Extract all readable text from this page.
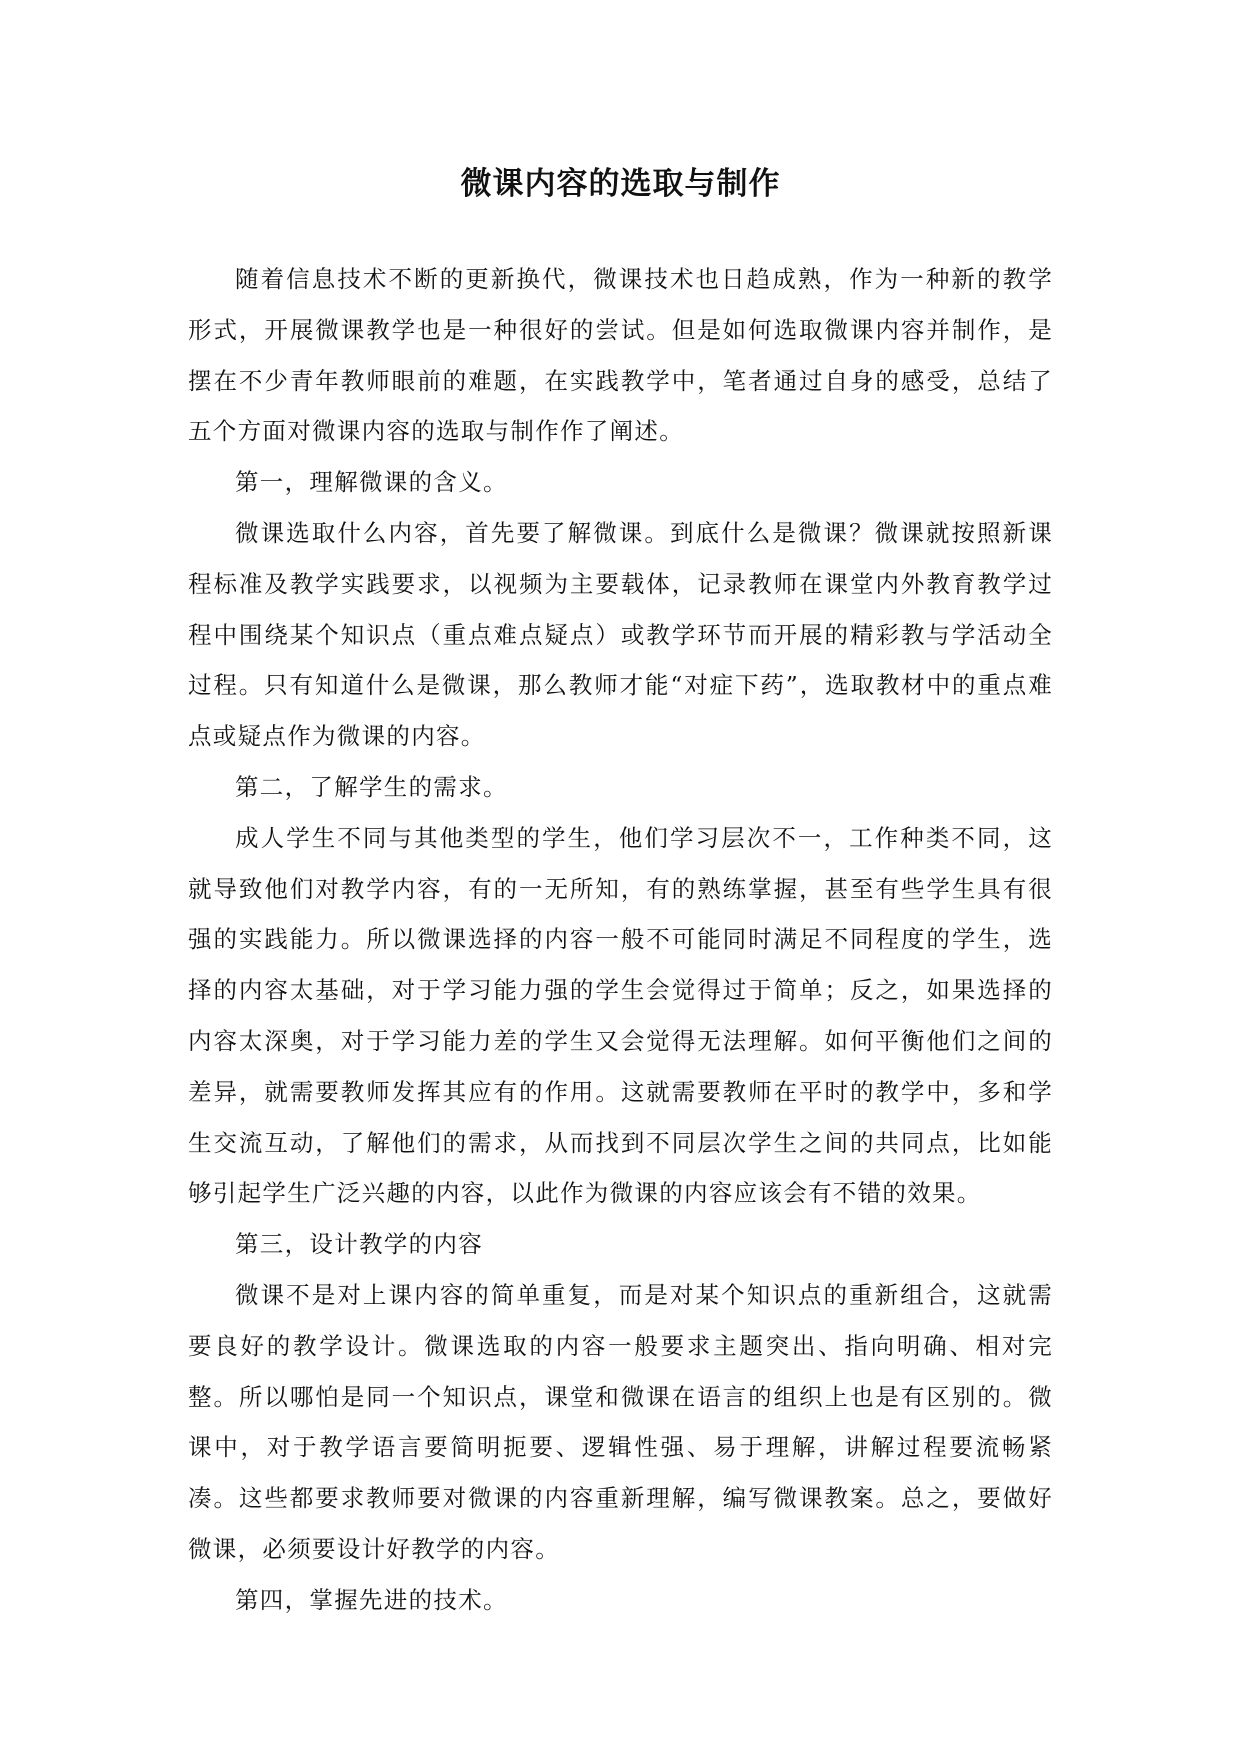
微课内容的选取与制作

随着信息技术不断的更新换代，微课技术也日趋成熟，作为一种新的教学形式，开展微课教学也是一种很好的尝试。但是如何选取微课内容并制作，是摆在不少青年教师眼前的难题，在实践教学中，笔者通过自身的感受，总结了五个方面对微课内容的选取与制作作了阐述。

第一，理解微课的含义。

微课选取什么内容，首先要了解微课。到底什么是微课？微课就按照新课程标准及教学实践要求，以视频为主要载体，记录教师在课堂内外教育教学过程中围绕某个知识点（重点难点疑点）或教学环节而开展的精彩教与学活动全过程。只有知道什么是微课，那么教师才能“对症下药”，选取教材中的重点难点或疑点作为微课的内容。

第二，了解学生的需求。

成人学生不同与其他类型的学生，他们学习层次不一，工作种类不同，这就导致他们对教学内容，有的一无所知，有的熟练掌握，甚至有些学生具有很强的实践能力。所以微课选择的内容一般不可能同时满足不同程度的学生，选择的内容太基础，对于学习能力强的学生会觉得过于简单；反之，如果选择的内容太深奥，对于学习能力差的学生又会觉得无法理解。如何平衡他们之间的差异，就需要教师发挥其应有的作用。这就需要教师在平时的教学中，多和学生交流互动，了解他们的需求，从而找到不同层次学生之间的共同点，比如能够引起学生广泛兴趣的内容，以此作为微课的内容应该会有不错的效果。

第三，设计教学的内容

微课不是对上课内容的简单重复，而是对某个知识点的重新组合，这就需要良好的教学设计。微课选取的内容一般要求主题突出、指向明确、相对完整。所以哪怕是同一个知识点，课堂和微课在语言的组织上也是有区别的。微课中，对于教学语言要简明扼要、逻辑性强、易于理解，讲解过程要流畅紧凑。这些都要求教师要对微课的内容重新理解，编写微课教案。总之，要做好微课，必须要设计好教学的内容。

第四，掌握先进的技术。
